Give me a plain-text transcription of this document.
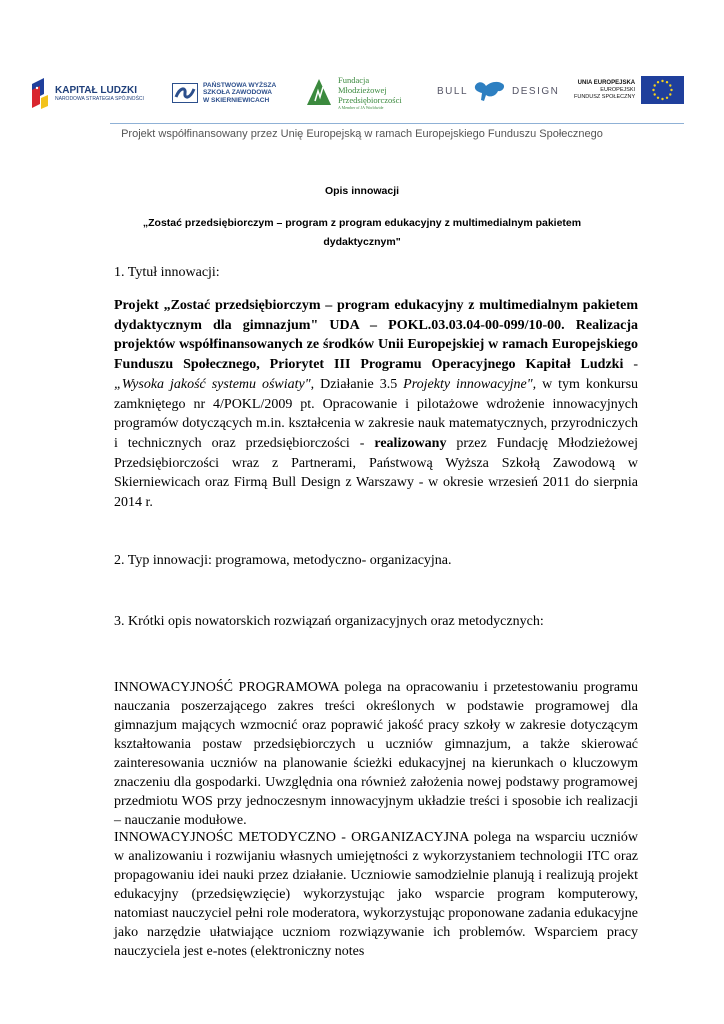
KAPITAŁ LUDZKI
NARODOWA STRATEGIA SPÓJNOŚCI
PAŃSTWOWA WYŻSZA
SZKOŁA ZAWODOWA
W SKIERNIEWICACH
Fundacja
Młodzieżowej
Przedsiębiorczości
A Member of JA Worldwide
BULL	DESIGN
UNIA EUROPEJSKA
EUROPEJSKI
FUNDUSZ SPOŁECZNY
Projekt współfinansowany przez Unię Europejską w ramach Europejskiego Funduszu Społecznego
Opis innowacji
„Zostać przedsiębiorczym – program z program edukacyjny z multimedialnym pakietem dydaktycznym"
1. Tytuł innowacji:
Projekt „Zostać przedsiębiorczym – program edukacyjny z multimedialnym pakietem dydaktycznym dla gimnazjum" UDA – POKL.03.03.04-00-099/10-00. Realizacja projektów współfinansowanych ze środków Unii Europejskiej w ramach Europejskiego Funduszu Społecznego, Priorytet III Programu Operacyjnego Kapitał Ludzki - „Wysoka jakość systemu oświaty", Działanie 3.5 Projekty innowacyjne", w tym konkursu zamkniętego nr 4/POKL/2009 pt. Opracowanie i pilotażowe wdrożenie innowacyjnych programów dotyczących m.in. kształcenia w zakresie nauk matematycznych, przyrodniczych i technicznych oraz przedsiębiorczości - realizowany przez Fundację Młodzieżowej Przedsiębiorczości wraz z Partnerami, Państwową Wyższa Szkołą Zawodową w Skierniewicach oraz Firmą Bull Design z Warszawy - w okresie wrzesień 2011 do sierpnia 2014 r.
2. Typ innowacji: programowa, metodyczno- organizacyjna.
3. Krótki opis nowatorskich rozwiązań organizacyjnych oraz metodycznych:
INNOWACYJNOŚĆ PROGRAMOWA polega na opracowaniu i przetestowaniu programu nauczania poszerzającego zakres treści określonych w podstawie programowej dla gimnazjum mających wzmocnić oraz poprawić jakość pracy szkoły w zakresie dotyczącym kształtowania postaw przedsiębiorczych u uczniów gimnazjum, a także skierować zainteresowania uczniów na planowanie ścieżki edukacyjnej na kierunkach o kluczowym znaczeniu dla gospodarki. Uwzględnia ona również założenia nowej podstawy programowej przedmiotu WOS przy jednoczesnym innowacyjnym układzie treści i sposobie ich realizacji – nauczanie modułowe.
INNOWACYJNOŚC METODYCZNO - ORGANIZACYJNA polega na wsparciu uczniów w analizowaniu i rozwijaniu własnych umiejętności z wykorzystaniem technologii ITC oraz propagowaniu idei nauki przez działanie. Uczniowie samodzielnie planują i realizują projekt edukacyjny (przedsięwzięcie) wykorzystując jako wsparcie program komputerowy, natomiast nauczyciel pełni role moderatora, wykorzystując proponowane zadania edukacyjne jako narzędzie ułatwiające uczniom rozwiązywanie ich problemów. Wsparciem pracy nauczyciela jest e-notes (elektroniczny notes
